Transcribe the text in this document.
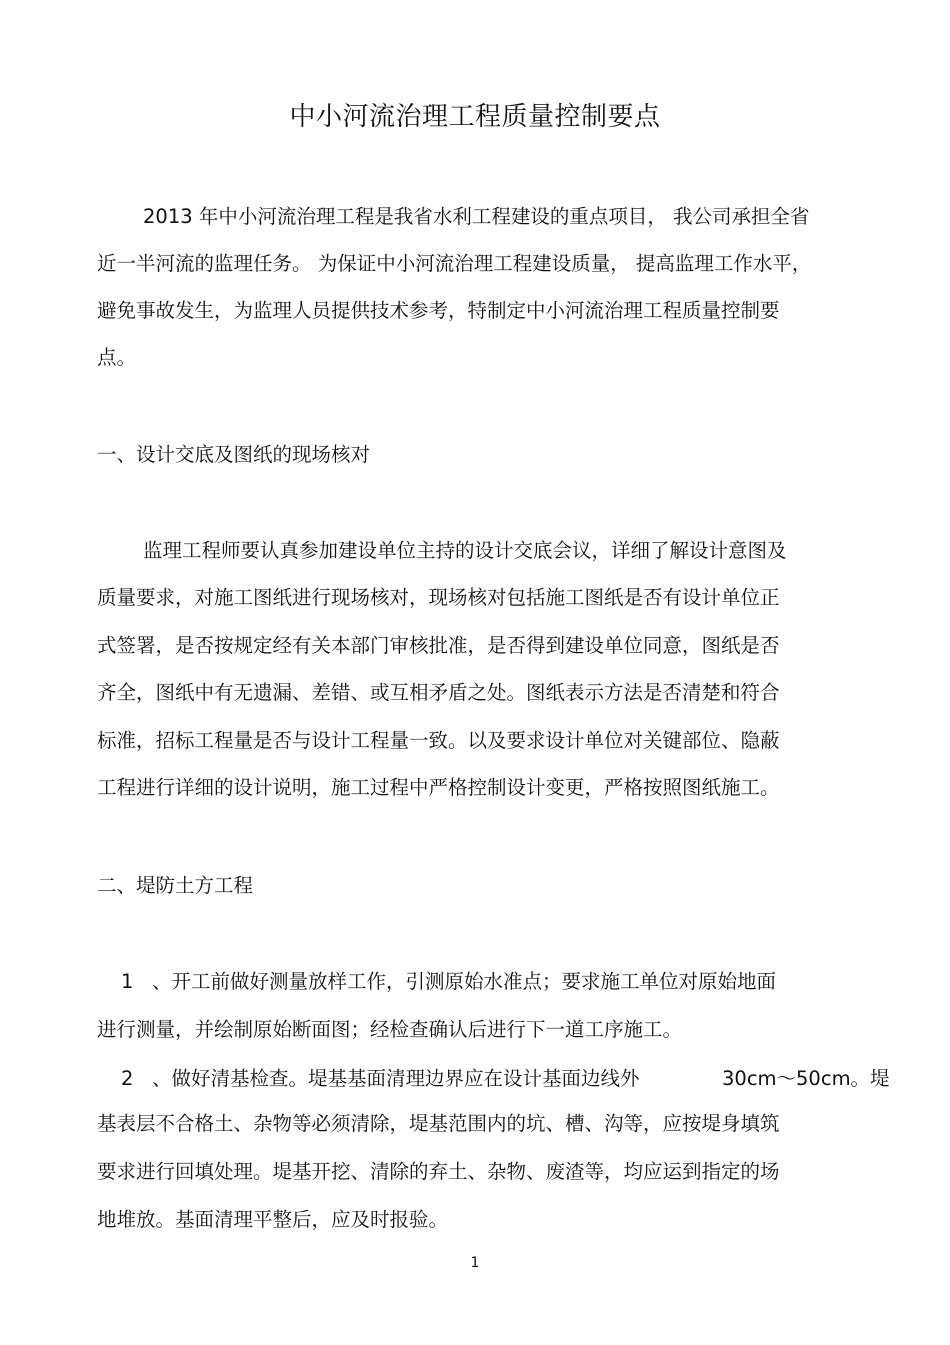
中小河流治理工程质量控制要点
2013 年中小河流治理工程是我省水利工程建设的重点项目， 我公司承担全省
近一半河流的监理任务。 为保证中小河流治理工程建设质量， 提高监理工作水平，
避免事故发生，为监理人员提供技术参考，特制定中小河流治理工程质量控制要
点。
一、设计交底及图纸的现场核对
监理工程师要认真参加建设单位主持的设计交底会议，详细了解设计意图及
质量要求，对施工图纸进行现场核对，现场核对包括施工图纸是否有设计单位正
式签署，是否按规定经有关本部门审核批准，是否得到建设单位同意，图纸是否
齐全，图纸中有无遗漏、差错、或互相矛盾之处。图纸表示方法是否清楚和符合
标准，招标工程量是否与设计工程量一致。以及要求设计单位对关键部位、隐蔽
工程进行详细的设计说明，施工过程中严格控制设计变更，严格按照图纸施工。
二、堤防土方工程
1 、开工前做好测量放样工作，引测原始水准点；要求施工单位对原始地面
进行测量，并绘制原始断面图；经检查确认后进行下一道工序施工。
2 、做好清基检查。堤基基面清理边界应在设计基面边线外	30cm～50cm。堤
基表层不合格土、杂物等必须清除，堤基范围内的坑、槽、沟等，应按堤身填筑
要求进行回填处理。堤基开挖、清除的弃土、杂物、废渣等，均应运到指定的场
地堆放。基面清理平整后，应及时报验。
1
